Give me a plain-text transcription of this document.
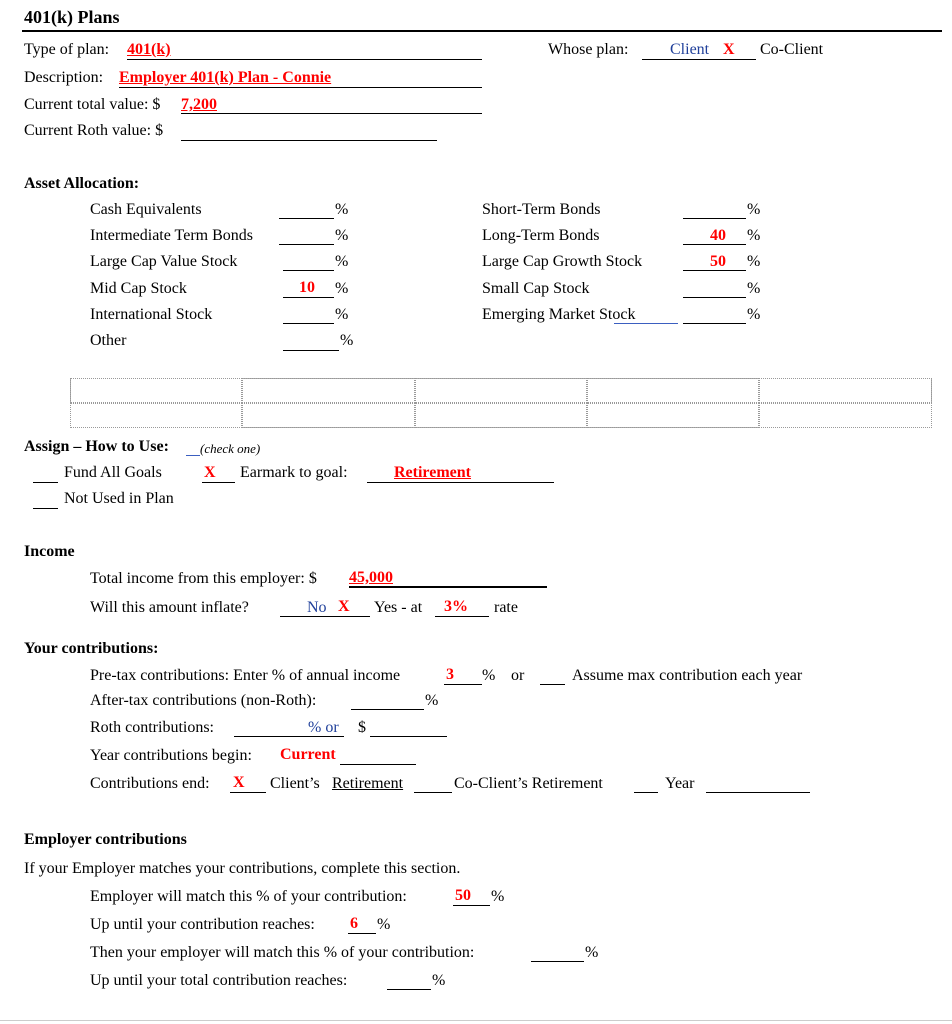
401(k) Plans
Type of plan: 401(k)
Description: Employer 401(k) Plan - Connie
Current total value: $ 7,200
Current Roth value: $
Whose plan:	Client X Co-Client
Asset Allocation:
Cash Equivalents	%
Intermediate Term Bonds	%
Large Cap Value Stock	%
Mid Cap Stock	10 %
International Stock	%
Other	%
Short-Term Bonds	%
Long-Term Bonds	40 %
Large Cap Growth Stock	50 %
Small Cap Stock	%
Emerging Market Stock	%
Assign – How to Use: (check one)
Fund All Goals	X Earmark to goal:	Retirement
Not Used in Plan
Income
Total income from this employer: $ 45,000
Will this amount inflate?	No X Yes - at 3% rate
Your contributions:
Pre-tax contributions: Enter % of annual income	3 % or	Assume max contribution each year
After-tax contributions (non-Roth):	%
Roth contributions:	% or $
Year contributions begin: Current
Contributions end: X Client’s Retirement	Co-Client’s Retirement	Year
Employer contributions
If your Employer matches your contributions, complete this section.
Employer will match this % of your contribution:	50 %
Up until your contribution reaches: 6 %
Then your employer will match this % of your contribution:	%
Up until your total contribution reaches:	%
